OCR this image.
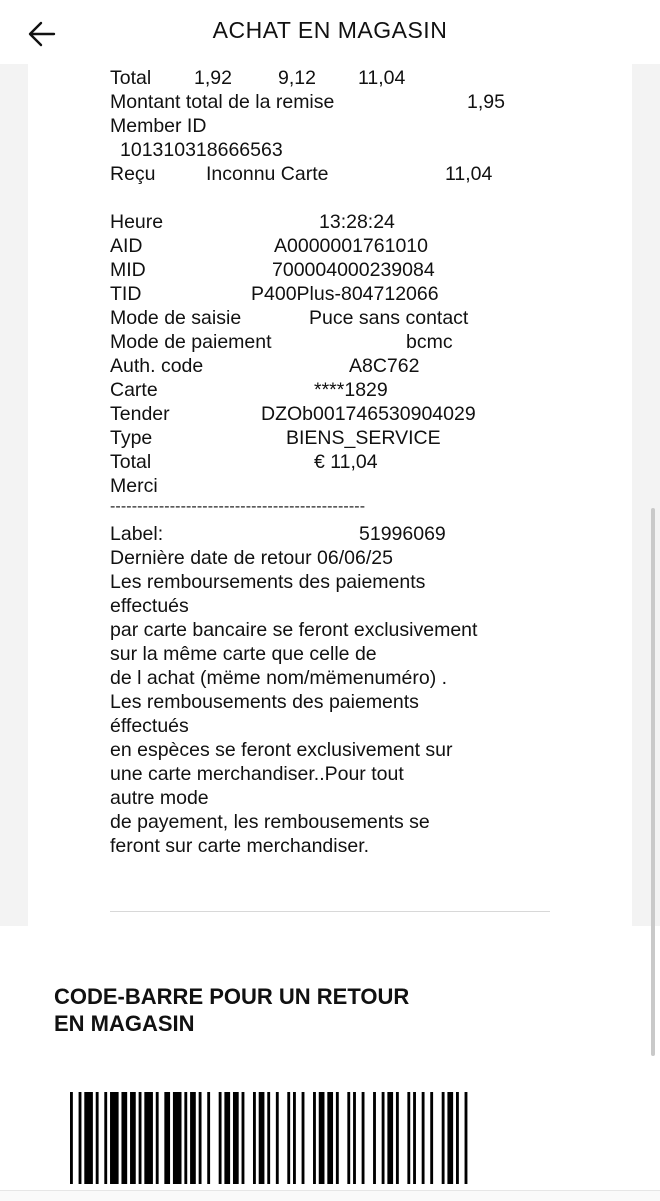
ACHAT EN MAGASIN
Total 1,92 9,12 11,04
Montant total de la remise	1,95
Member ID
101310318666563
Reçu	Inconnu Carte	11,04
Heure	13:28:24
AID	A0000001761010
MID	700004000239084
TID	P400Plus-804712066
Mode de saisie	Puce sans contact
Mode de paiement	bcmc
Auth. code	A8C762
Carte	****1829
Tender	DZOb001746530904029
Type	BIENS_SERVICE
Total	€ 11,04
Merci
-----------------------------------------------
Label:	51996069
Dernière date de retour 06/06/25
Les remboursements des paiements
effectués
par carte bancaire se feront exclusivement
sur la même carte que celle de
de l achat (mëme nom/mëmenuméro) .
Les rembousements des paiements
éffectués
en espèces se feront exclusivement sur
une carte merchandiser..Pour tout
autre mode
de payement, les rembousements se
feront sur carte merchandiser.
CODE-BARRE POUR UN RETOUR
EN MAGASIN
